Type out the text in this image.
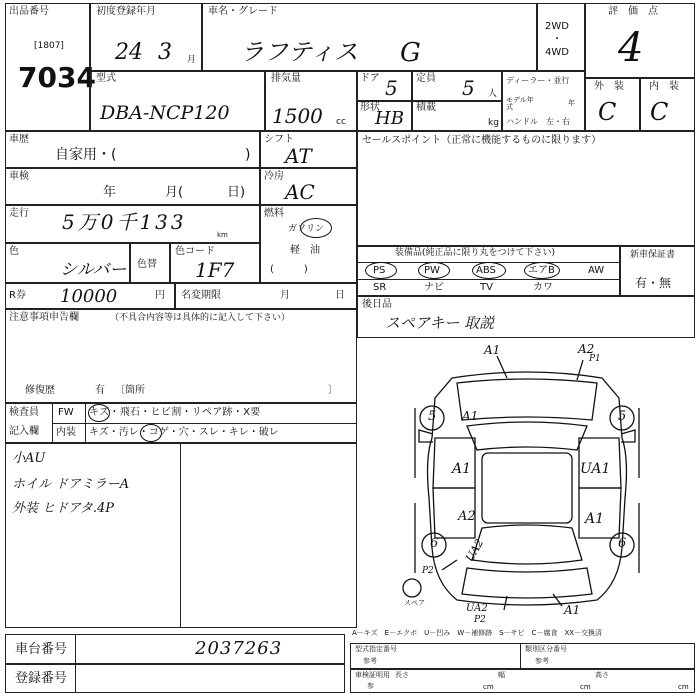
出品番号
[1807]
7034
初度登録年月
24 3 月
車名・グレード
ラフティス G
2WD
・
4WD
評　価　点
4
型式
DBA-NCP120
排気量
1500 cc
ドア 5 定員 5 人
形状
HB
積載
kg
ディーラー・並行
モデル年式	年
ハンドル　左・右
外　装	内　装
C C
車歴
自家用・(	)
車検
年	月(	日)
走行 5万0千133
km
色
シルバー 色替
色コード
1F7
シフト
AT
冷房
AC
燃料
ガソリン
軽　油
(　　　)
R券 10000	円 名変期限	月	日
注意事項申告欄	（不具合内容等は具体的に記入して下さい）
修復歴	有 〔箇所	〕
検査員
記入欄
FW キズ・飛石・ヒビ割・リペア跡・X要
内装 キズ・汚レ・コゲ・穴・スレ・キレ・破レ
小AU
ホイル ドアミラーA
外装 ヒドアタ.4P
セールスポイント（正常に機能するものに限ります）
装備品(純正品に限り丸をつけて下さい)
PS	PW	ABS	エアB	AW
SR	ナビ	TV	カワ
新車保証書
有・無
後日品
スペアキー 取説
A1	A2
P1
5	5
6	6
A1
A1
A2
UA1
A1
P2
UA2
スペア	UA2
P2
A1
A－キズ　E－エクボ　U－凹み　W－補修跡　S－サビ　C－腐食　XX－交換済
車台番号	2037263
登録番号
型式指定番号
参考
類別区分番号
参考
車検証明用
参
長さ
cm
幅
cm
高さ
cm
